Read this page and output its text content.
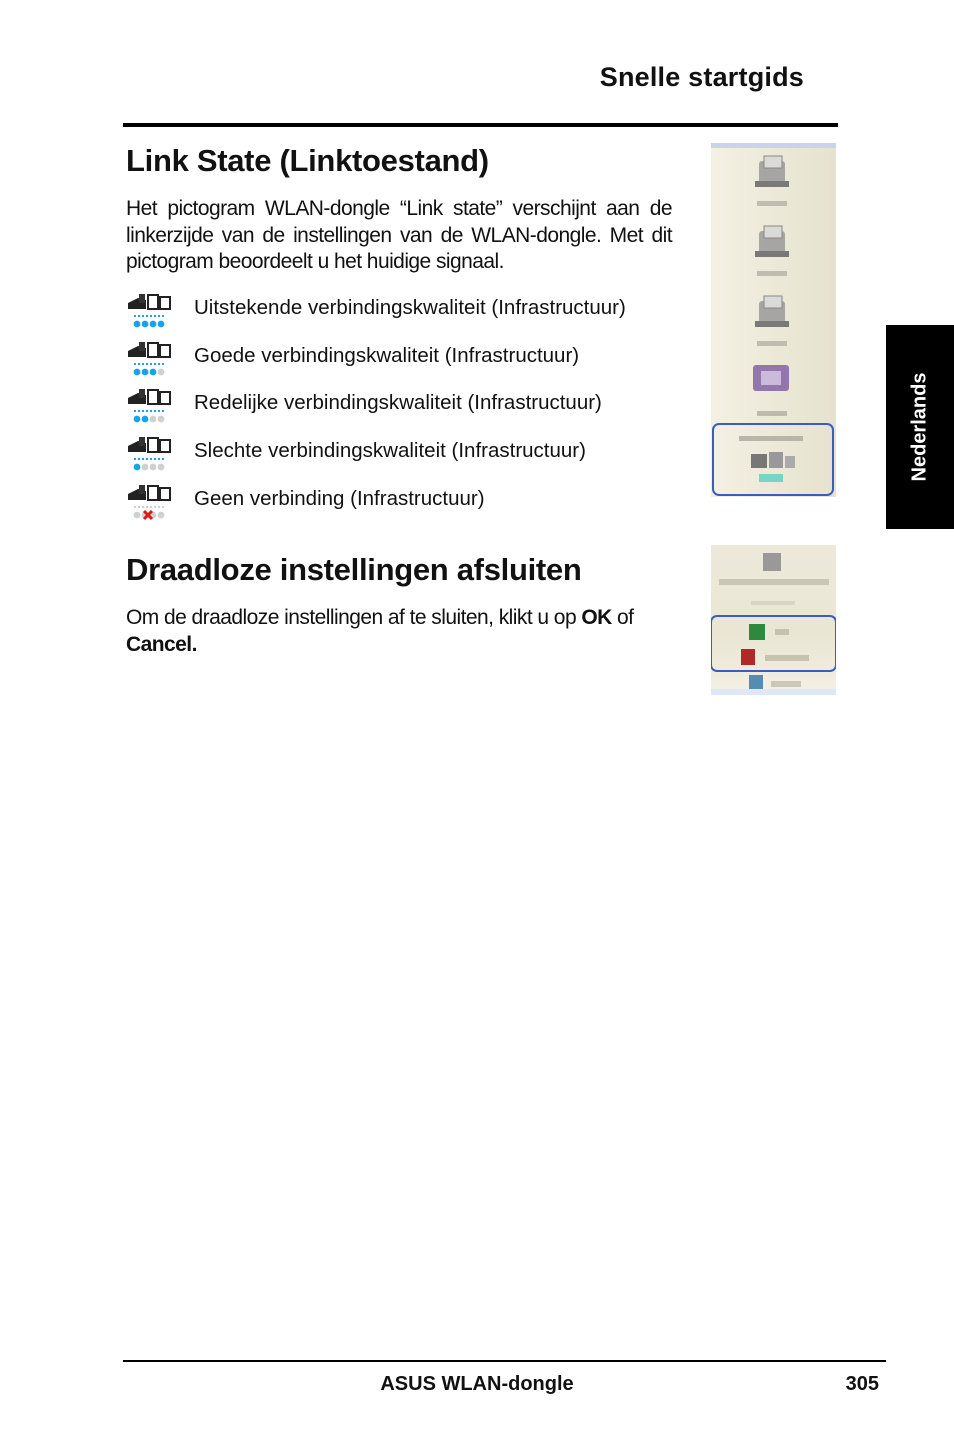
Snelle startgids
Link State (Linktoestand)

Het pictogram WLAN-dongle “Link state” verschijnt aan de linkerzijde van de instellingen van de WLAN-dongle. Met dit pictogram beoordeelt u het huidige signaal.

Uitstekende verbindingskwaliteit (Infrastructuur)
Goede verbindingskwaliteit (Infrastructuur)
Redelijke verbindingskwaliteit (Infrastructuur)
Slechte verbindingskwaliteit (Infrastructuur)
Geen verbinding (Infrastructuur)
Nederlands
Draadloze instellingen afsluiten

Om de draadloze instellingen af te sluiten, klikt u op OK of
Cancel.

ASUS WLAN-dongle	305
